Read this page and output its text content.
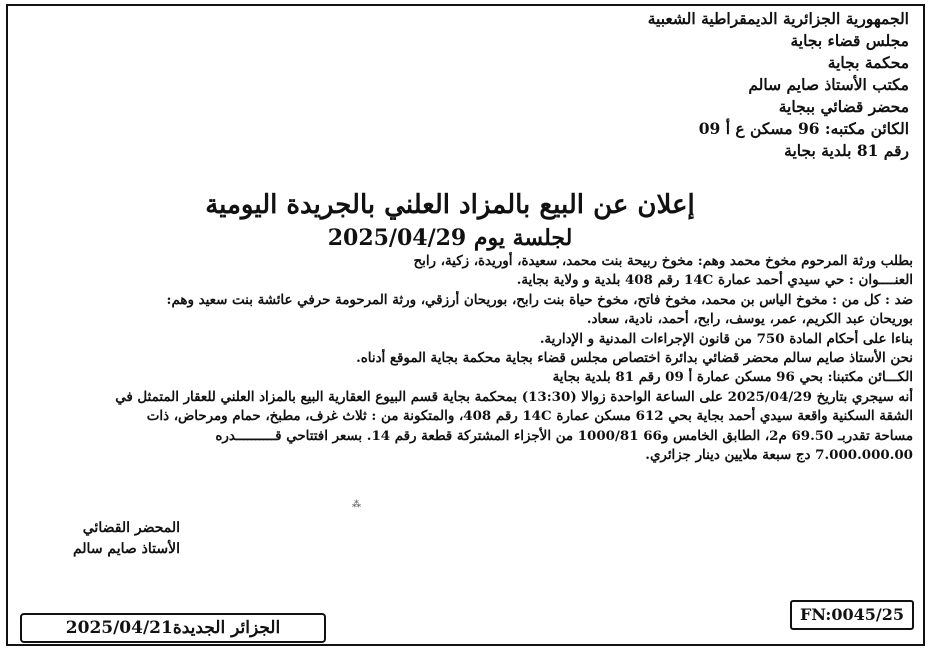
الجمهورية الجزائرية الديمقراطية الشعبية
مجلس قضاء بجاية
محكمة بجاية
مكتب الأستاذ صايم سالم
محضر قضائي ببجاية
الكائن مكتبه: 96 مسكن ع أ 09
رقم 81 بلدية بجاية
إعلان عن البيع بالمزاد العلني بالجريدة اليومية
لجلسة يوم 2025/04/29
بطلب ورثة المرحوم مخوخ محمد وهم: مخوخ ربيحة بنت محمد، سعيدة، أوريدة، زكية، رابح
العنــــوان : حي سيدي أحمد عمارة 14C رقم 408 بلدية و ولاية بجاية.
ضد : كل من : مخوخ الياس بن محمد، مخوخ فاتح، مخوخ حياة بنت رابح، بوريحان أرزقي، ورثة المرحومة حرفي عائشة بنت سعيد وهم:
بوريحان عبد الكريم، عمر، يوسف، رابح، أحمد، نادية، سعاد.
بناءا على أحكام المادة 750 من قانون الإجراءات المدنية و الإدارية.
نحن الأستاذ صايم سالم محضر قضائي بدائرة اختصاص مجلس قضاء بجاية محكمة بجاية الموقع أدناه.
الكـــائن مكتبنا: بحي 96 مسكن عمارة أ 09 رقم 81 بلدية بجاية
أنه سيجري بتاريخ 2025/04/29 على الساعة الواحدة زوالا (13:30) بمحكمة بجاية قسم البيوع العقارية البيع بالمزاد العلني للعقار المتمثل في
الشقة السكنية واقعة سيدي أحمد بجاية بحي 612 مسكن عمارة 14C رقم 408، والمتكونة من : ثلاث غرف، مطبخ، حمام ومرحاض، ذات
مساحة تقدربـ 69.50 م2، الطابق الخامس و66 1000/81 من الأجزاء المشتركة قطعة رقم 14. بسعر افتتاحي قــــــــــدره
7.000.000.00 دج سبعة ملايين دينار جزائري.
⁂
المحضر القضائي
الأستاذ صايم سالم
الجزائر الجديدة2025/04/21
FN:0045/25
